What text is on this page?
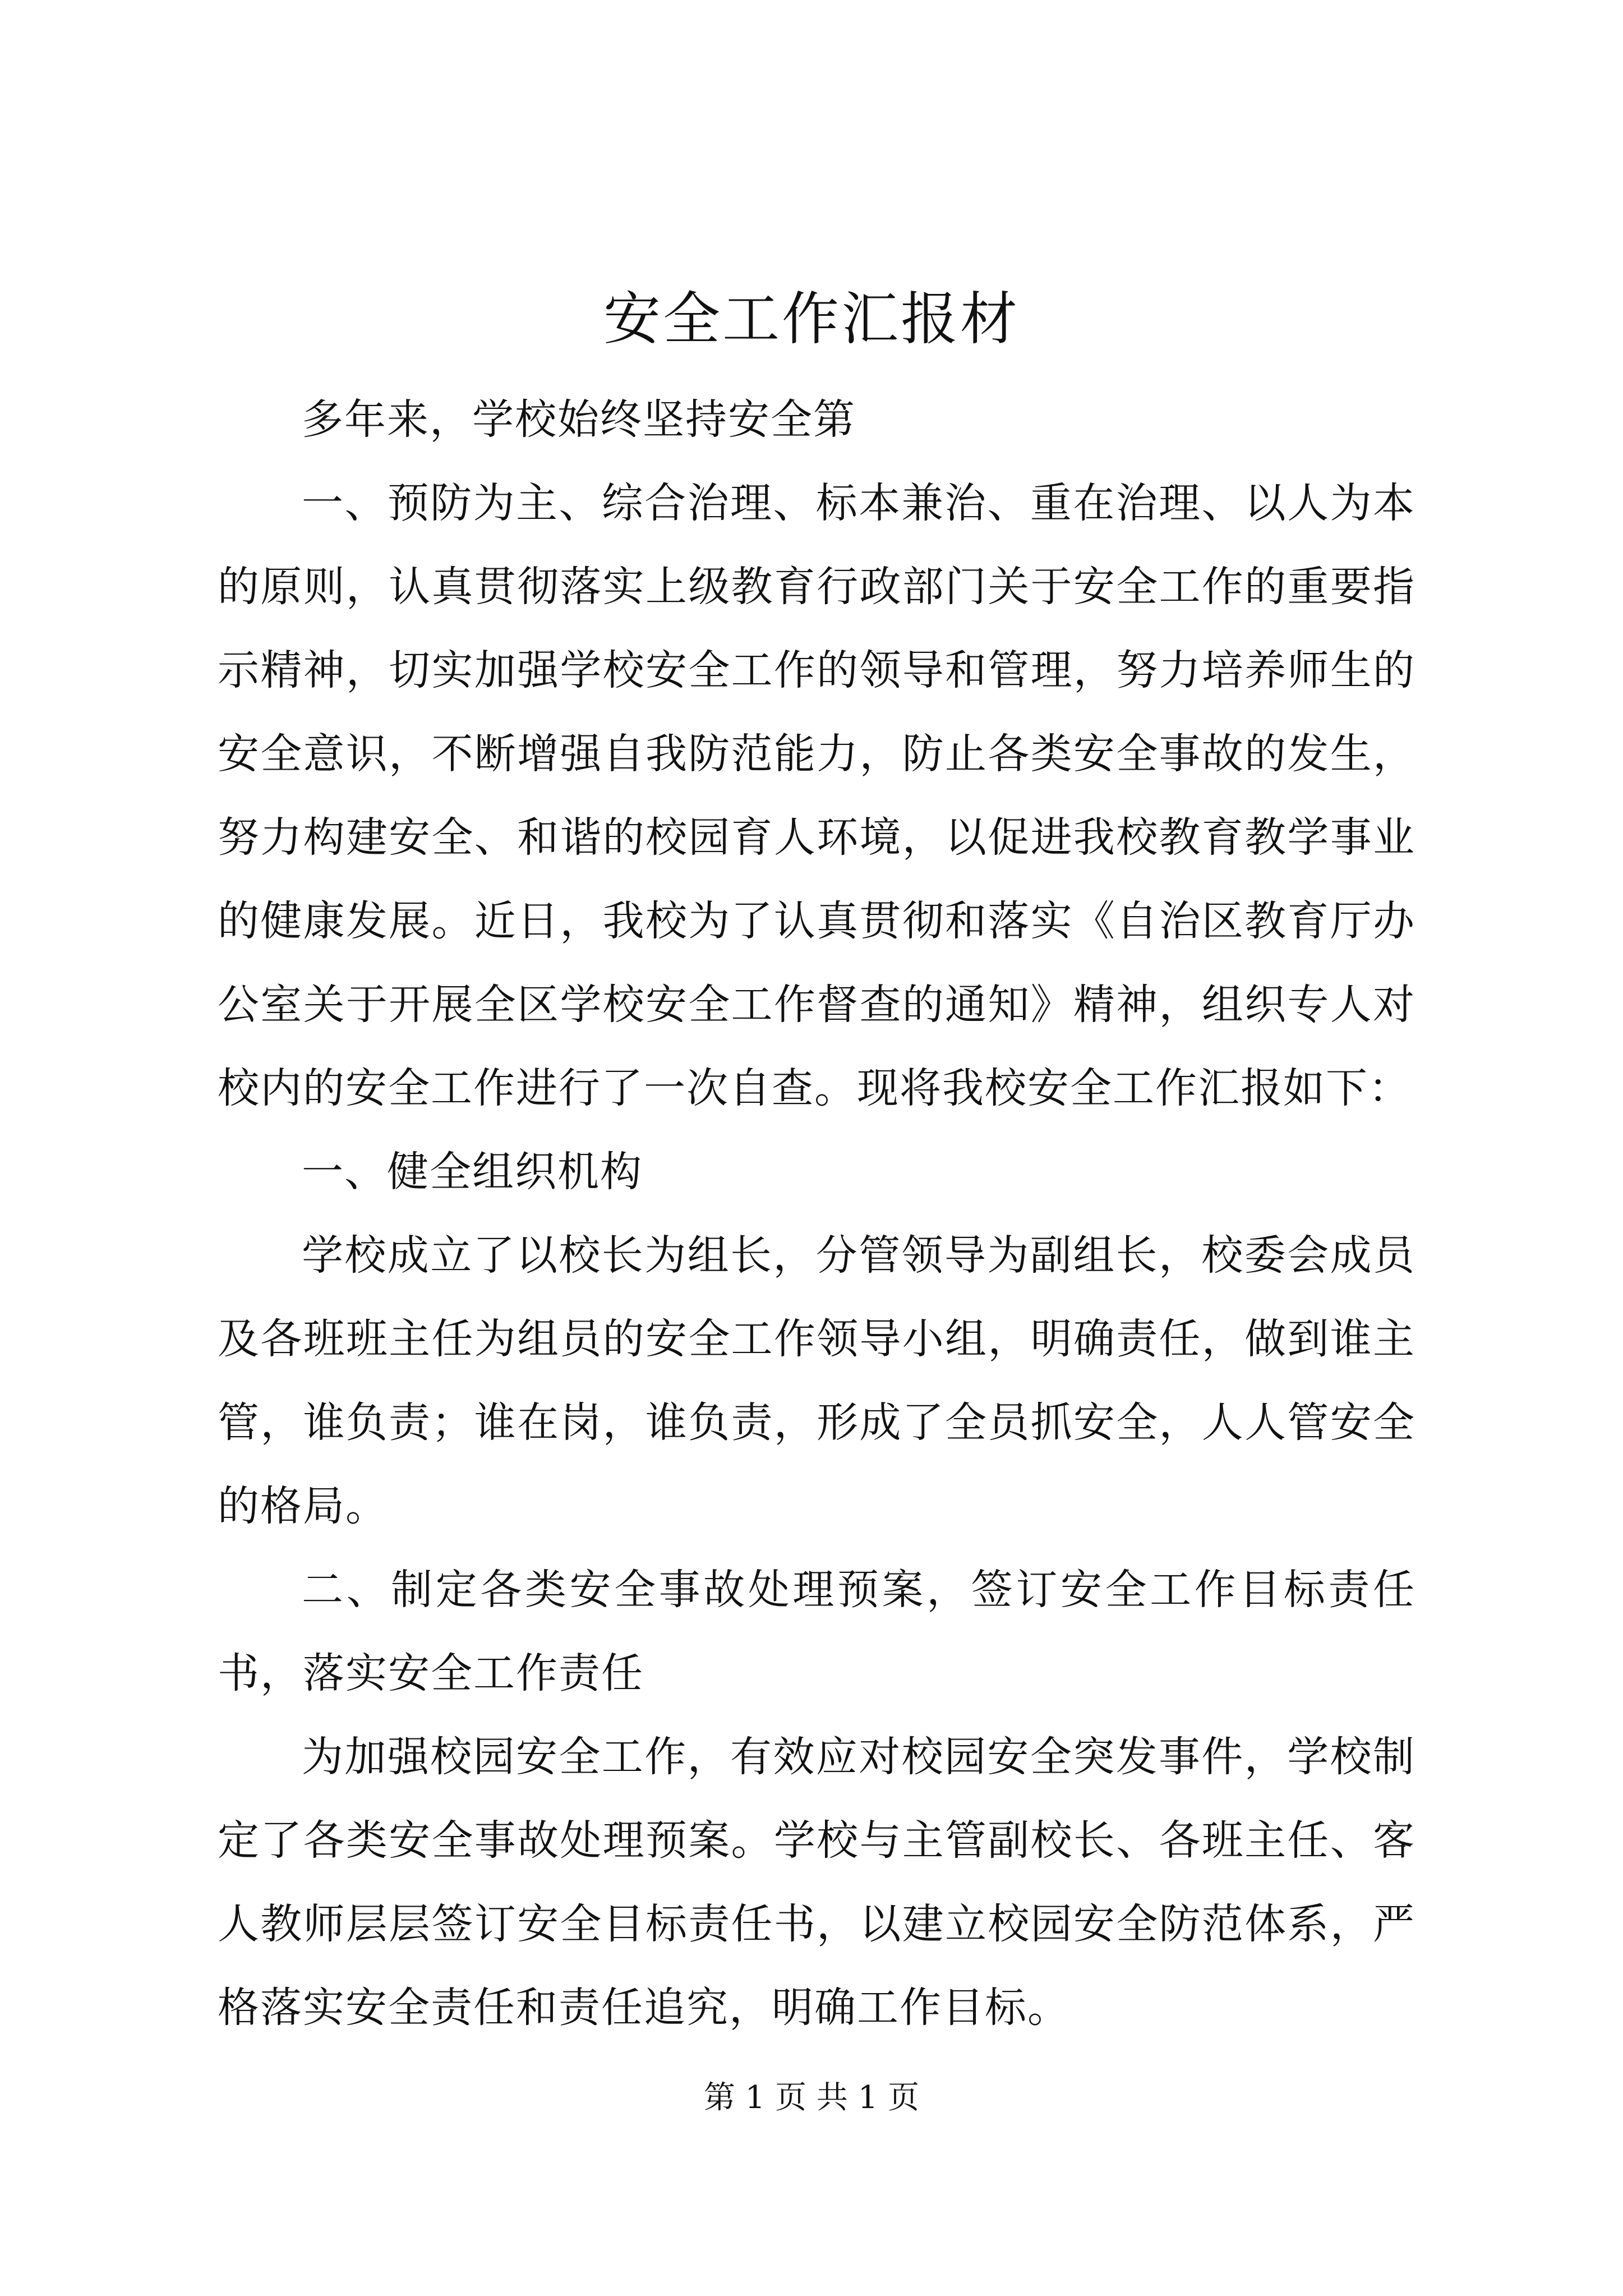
安全工作汇报材

多年来，学校始终坚持安全第

一、预防为主、综合治理、标本兼治、重在治理、以人为本的原则，认真贯彻落实上级教育行政部门关于安全工作的重要指示精神，切实加强学校安全工作的领导和管理，努力培养师生的安全意识，不断增强自我防范能力，防止各类安全事故的发生，努力构建安全、和谐的校园育人环境，以促进我校教育教学事业的健康发展。近日，我校为了认真贯彻和落实《自治区教育厅办公室关于开展全区学校安全工作督查的通知》精神，组织专人对校内的安全工作进行了一次自查。现将我校安全工作汇报如下：

一、健全组织机构

学校成立了以校长为组长，分管领导为副组长，校委会成员及各班班主任为组员的安全工作领导小组，明确责任，做到谁主管，谁负责；谁在岗，谁负责，形成了全员抓安全，人人管安全的格局。

二、制定各类安全事故处理预案，签订安全工作目标责任书，落实安全工作责任

为加强校园安全工作，有效应对校园安全突发事件，学校制定了各类安全事故处理预案。学校与主管副校长、各班主任、客人教师层层签订安全目标责任书，以建立校园安全防范体系，严格落实安全责任和责任追究，明确工作目标。

第 1 页 共 1 页
